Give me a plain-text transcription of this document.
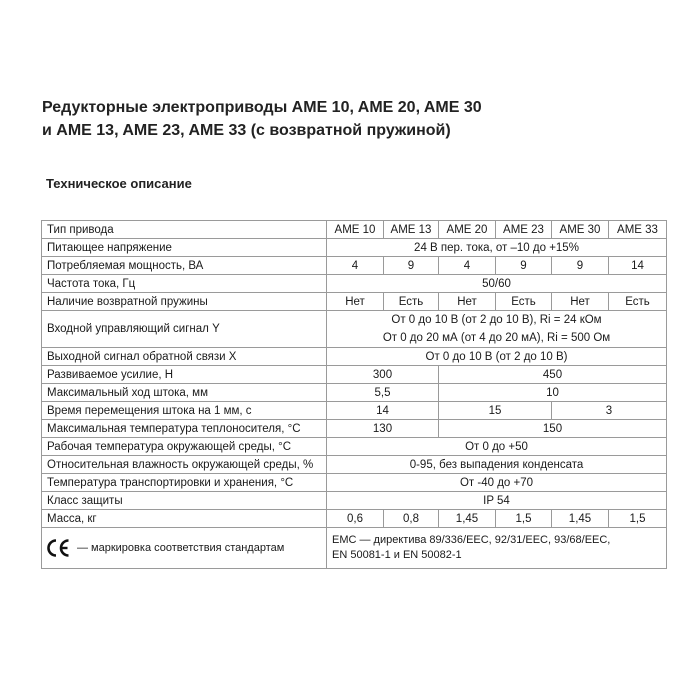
Редукторные электроприводы AME 10, AME 20, AME 30
и AME 13, AME 23, AME 33 (с возвратной пружиной)
Техническое описание
Тип привода	AME 10	AME 13	AME 20	AME 23	AME 30	AME 33
Питающее напряжение	24 В пер. тока, от –10 до +15%					
Потребляемая мощность, ВА	4	9	4	9	9	14
Частота тока, Гц	50/60					
Наличие возвратной пружины	Нет	Есть	Нет	Есть	Нет	Есть
Входной управляющий сигнал Y	От 0 до 10 В (от 2 до 10 В), Ri = 24 кОм
От 0 до 20 мА (от 4 до 20 мА), Ri = 500 Ом					

Выходной сигнал обратной связи X	От 0 до 10 В (от 2 до 10 В)					
Развиваемое усилие, Н	300		450			
Максимальный ход штока, мм	5,5		10			
Время перемещения штока на 1 мм, с	14		15		3	
Максимальная температура теплоносителя, °С	130		150			
Рабочая температура окружающей среды, °С	От 0 до +50					
Относительная влажность окружающей среды, %	0-95, без выпадения конденсата					
Температура транспортировки и хранения, °С	От -40 до +70					
Класс защиты	IP 54					
Масса, кг	0,6	0,8	1,45	1,5	1,45	1,5
— маркировка соответствия стандартам	EMC — директива 89/336/EEC, 92/31/EEC, 93/68/EEC,
EN 50081-1 и EN 50082-1					
